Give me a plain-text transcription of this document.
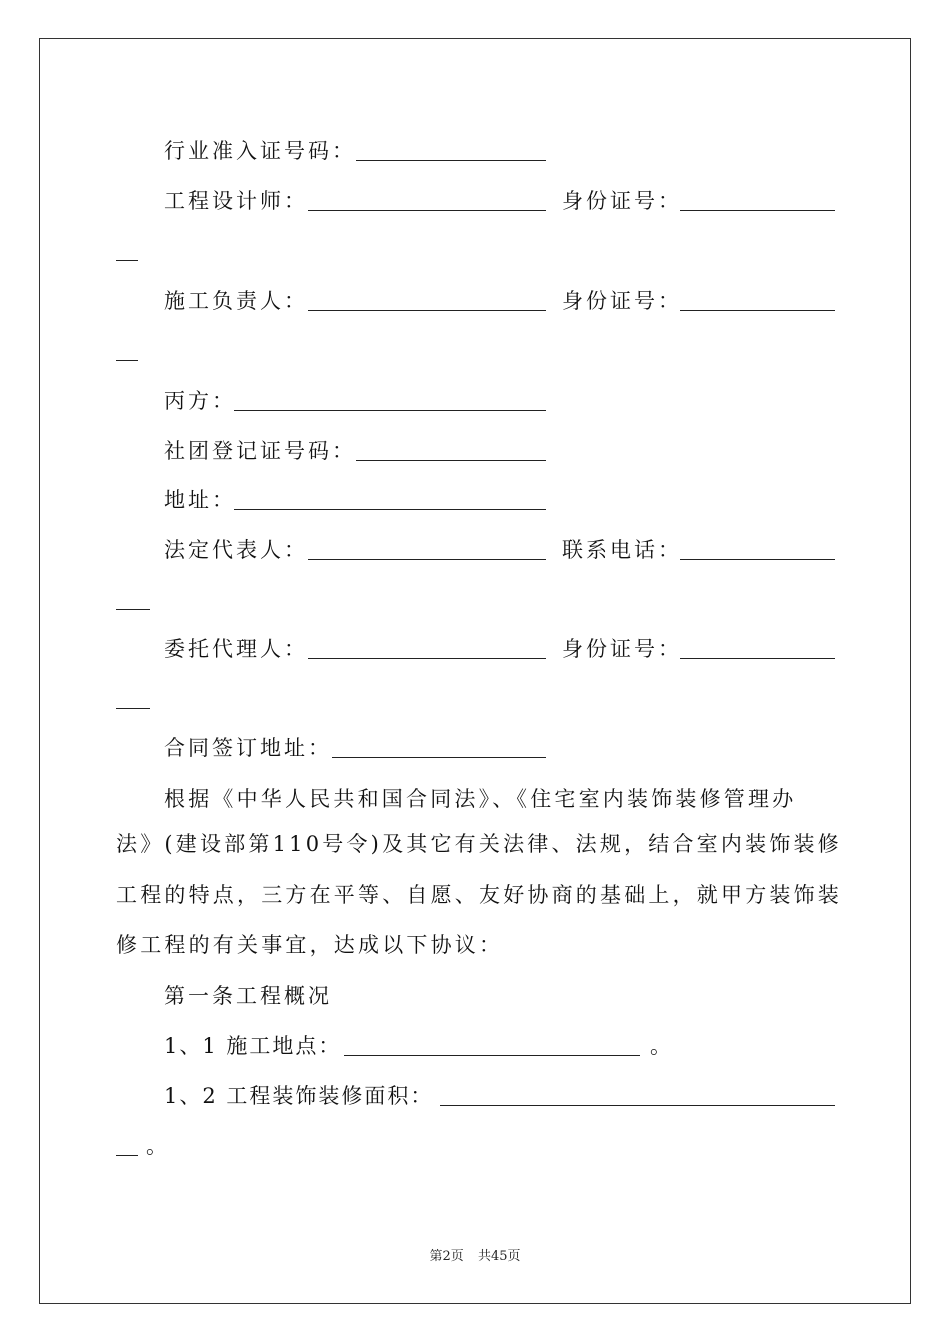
行业准入证号码：
工程设计师：	身份证号：
施工负责人：	身份证号：
丙方：
社团登记证号码：
地址：
法定代表人：	联系电话：
委托代理人：	身份证号：
合同签订地址：
根据《中华人民共和国合同法》、《住宅室内装饰装修管理办
法》(建设部第110号令)及其它有关法律、法规，结合室内装饰装修
工程的特点，三方在平等、自愿、友好协商的基础上，就甲方装饰装
修工程的有关事宜，达成以下协议：
第一条工程概况
1、1 施工地点：	。
1、2 工程装饰装修面积：
。
第2页 共45页
